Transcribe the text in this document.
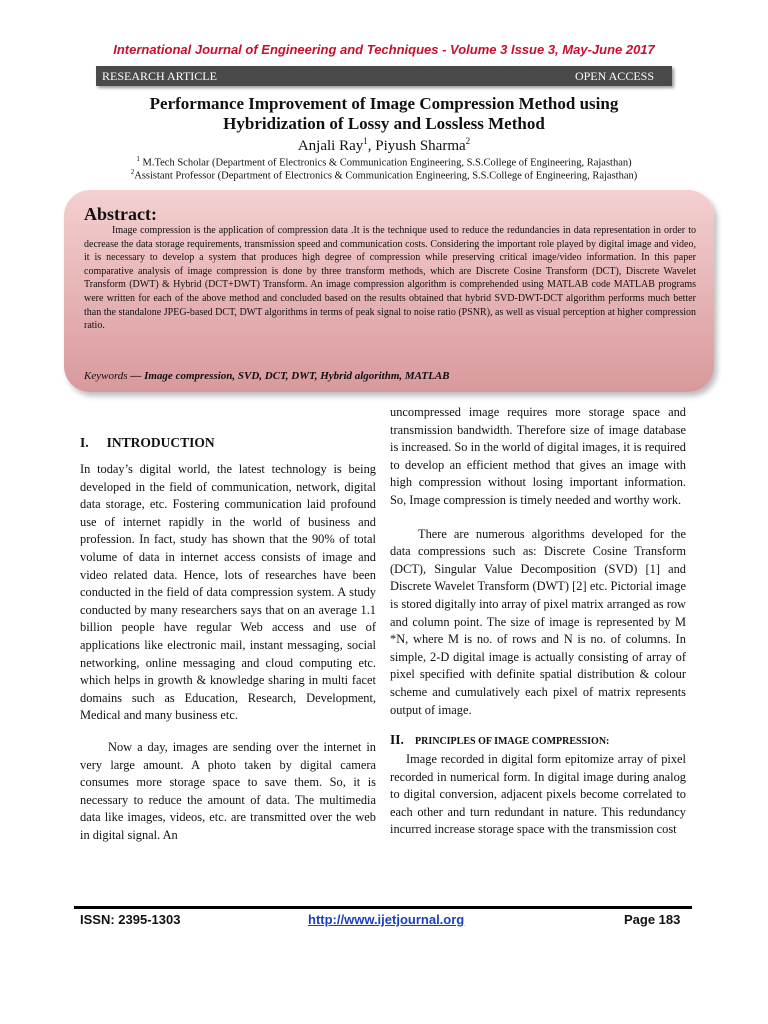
International Journal of Engineering and Techniques - Volume 3 Issue 3, May-June 2017
RESEARCH ARTICLE	OPEN ACCESS
Performance Improvement of Image Compression Method using
Hybridization of Lossy and Lossless Method
Anjali Ray$^1$, Piyush Sharma$^2$
$^1$ M.Tech Scholar (Department of Electronics & Communication Engineering, S.S.College of Engineering, Rajasthan)
$^2$Assistant Professor (Department of Electronics & Communication Engineering, S.S.College of Engineering, Rajasthan)
Abstract:
Image compression is the application of compression data .It is the technique used to reduce the redundancies in data representation in order to decrease the data storage requirements, transmission speed and communication costs. Considering the important role played by digital image and video, it is necessary to develop a system that produces high degree of compression while preserving critical image/video information. In this paper comparative analysis of image compression is done by three transform methods, which are Discrete Cosine Transform (DCT), Discrete Wavelet Transform (DWT) & Hybrid (DCT+DWT) Transform. An image compression algorithm is comprehended using MATLAB code MATLAB programs were written for each of the above method and concluded based on the results obtained that hybrid SVD-DWT-DCT algorithm performs much better than the standalone JPEG-based DCT, DWT algorithms in terms of peak signal to noise ratio (PSNR), as well as visual perception at higher compression ratio.
Keywords — Image compression, SVD, DCT, DWT, Hybrid algorithm, MATLAB
I. INTRODUCTION

In today’s digital world, the latest technology is being developed in the field of communication, network, digital data storage, etc. Fostering communication laid profound use of internet rapidly in the world of business and profession. In fact, study has shown that the 90% of total volume of data in internet access consists of image and video related data. Hence, lots of researches have been conducted in the field of data compression system. A study conducted by many researchers says that on an average 1.1 billion people have regular Web access and use of applications like electronic mail, instant messaging, social networking, online messaging and cloud computing etc. which helps in growth & knowledge sharing in multi facet domains such as Education, Research, Development, Medical and many business etc.

Now a day, images are sending over the internet in very large amount. A photo taken by digital camera consumes more storage space to save them. So, it is necessary to reduce the amount of data. The multimedia data like images, videos, etc. are transmitted over the web in digital signal. An

uncompressed image requires more storage space and transmission bandwidth. Therefore size of image database is increased. So in the world of digital images, it is required to develop an efficient method that gives an image with high compression without losing important information. So, Image compression is timely needed and worthy work.

There are numerous algorithms developed for the data compressions such as: Discrete Cosine Transform (DCT), Singular Value Decomposition (SVD) [1] and Discrete Wavelet Transform (DWT) [2] etc. Pictorial image is stored digitally into array of pixel matrix arranged as row and column point. The size of image is represented by M *N, where M is no. of rows and N is no. of columns. In simple, 2-D digital image is actually consisting of array of pixel specified with definite spatial distribution & colour scheme and cumulatively each pixel of matrix represents output of image.

II. PRINCIPLES OF IMAGE COMPRESSION:

Image recorded in digital form epitomize array of pixel recorded in numerical form. In digital image during analog to digital conversion, adjacent pixels become correlated to each other and turn redundant in nature. This redundancy incurred increase storage space with the transmission cost

ISSN: 2395-1303	http://www.ijetjournal.org	Page 183
